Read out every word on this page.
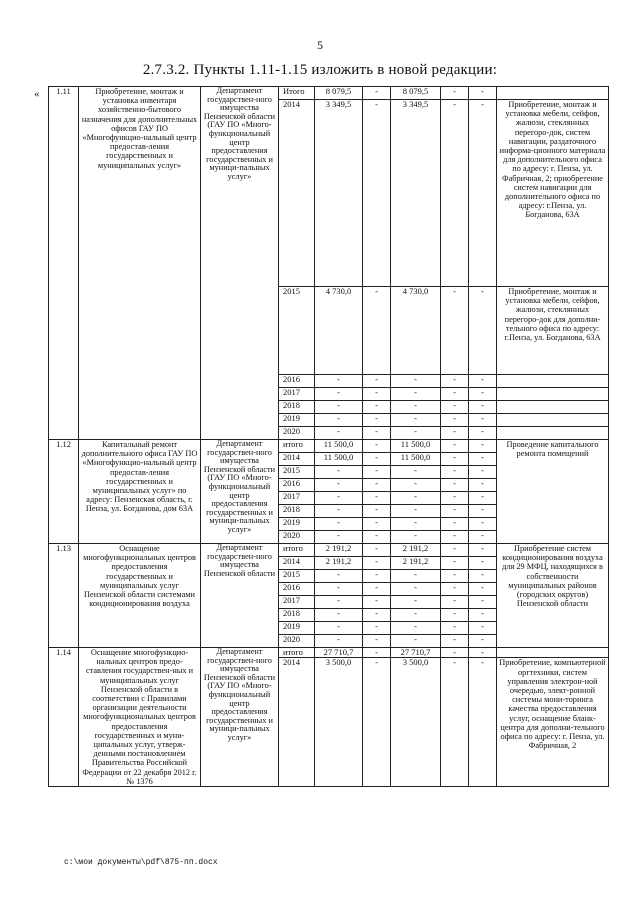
5
2.7.3.2. Пункты 1.11-1.15 изложить в новой редакции:
« 1.11	Приобретение, монтаж и установка инвентаря хозяйственно-бытового назначения для дополнительных офисов ГАУ ПО «Многофункцио-нальный центр предостав-ления государственных и муниципальных услуг»	Департамент государствен-ного имущества Пензенской области (ГАУ ПО «Много-функциональный центр предоставления государственных и муници-пальных услуг»	Итого	8 079,5	-	8 079,5	-	-	
			2014	3 349,5	-	3 349,5	-	-	Приобретение, монтаж и установка мебели, сейфов, жалюзи, стеклянных перегоро-док, систем навигации, раздаточного информа-ционного материала для дополнительного офиса по адресу: г. Пенза, ул. Фабричная, 2; приобретение систем навигации для дополнительного офиса по адресу: г.Пенза, ул. Богданова, 63А
			2015	4 730,0	-	4 730,0	-	-	Приобретение, монтаж и установка мебели, сейфов, жалюзи, стеклянных перегоро-док для дополни-тельного офиса по адресу: г.Пенза, ул. Богданова, 63А
			2016	-	-	-	-	-	
			2017	-	-	-	-	-	
			2018	-	-	-	-	-	
			2019	-	-	-	-	-	
			2020	-	-	-	-	-	
1.12	Капитальный ремонт дополнительного офиса ГАУ ПО «Многофункцио-нальный центр предостав-ления государственных и муниципальных услуг» по адресу: Пензенская область, г. Пенза, ул. Богданова, дом 63А	Департамент государствен-ного имущества Пензенской области (ГАУ ПО «Много-функциональный центр предоставления государственных и муници-пальных услуг»	итого	11 500,0	-	11 500,0	-	-	Проведение капитального ремонта помещений
			2014	11 500,0	-	11 500,0	-	-	
			2015	-	-	-	-	-	
			2016	-	-	-	-	-	
			2017	-	-	-	-	-	
			2018	-	-	-	-	-	
			2019	-	-	-	-	-	
			2020	-	-	-	-	-	
1.13	Оснащение многофункциональных центров предоставления государственных и муниципальных услуг Пензенской области системами кондиционирования воздуха	Департамент государствен-ного имущества Пензенской области	итого	2 191,2	-	2 191,2	-	-	Приобретение систем кондиционирования воздуха для 29 МФЦ, находящихся в собственности муниципальных районов (городских округов) Пензенской области
			2014	2 191,2	-	2 191,2	-	-	
			2015	-	-	-	-	-	
			2016	-	-	-	-	-	
			2017	-	-	-	-	-	
			2018	-	-	-	-	-	
			2019	-	-	-	-	-	
			2020	-	-	-	-	-	
1.14	Оснащение многофункцио-нальных центров предо-ставления государствен-ных и муниципальных услуг Пензенской области в соответствии с Правилами организации деятельности многофункциональных центров предоставления государственных и муни-ципальных услуг, утверж-денными постановлением Правительства Российской Федерации от 22 декабря 2012 г. № 1376	Департамент государствен-ного имущества Пензенской области (ГАУ ПО «Много-функциональный центр предоставления государственных и муници-пальных услуг»	итого	27 710,7	-	27 710,7	-	-	
			2014	3 500,0	-	3 500,0	-	-	Приобретение, компьютерной оргтехники, систем управления электрон-ной очередью, элект-ронной системы мони-торинга качества предоставления услуг, оснащение бланк-центра для дополни-тельного офиса по адресу: г. Пенза, ул. Фабричная, 2
c:\мои документы\pdf\875-пп.docx
